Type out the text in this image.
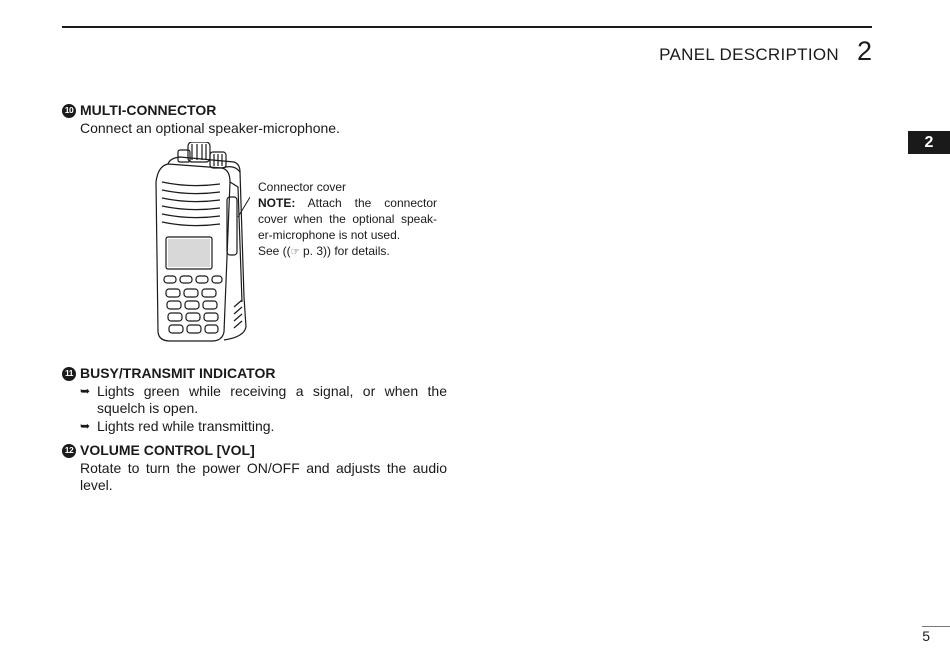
PANEL DESCRIPTION 2
2
10 MULTI-CONNECTOR
Connect an optional speaker-microphone.
Connector cover
NOTE: Attach the connector cover when the optional speak-er-microphone is not used.
See ((☞ p. 3)) for details.
11 BUSY/TRANSMIT INDICATOR
➥ Lights green while receiving a signal, or when the squelch is open.
➥ Lights red while transmitting.
12 VOLUME CONTROL [VOL]
Rotate to turn the power ON/OFF and adjusts the audio level.
5
